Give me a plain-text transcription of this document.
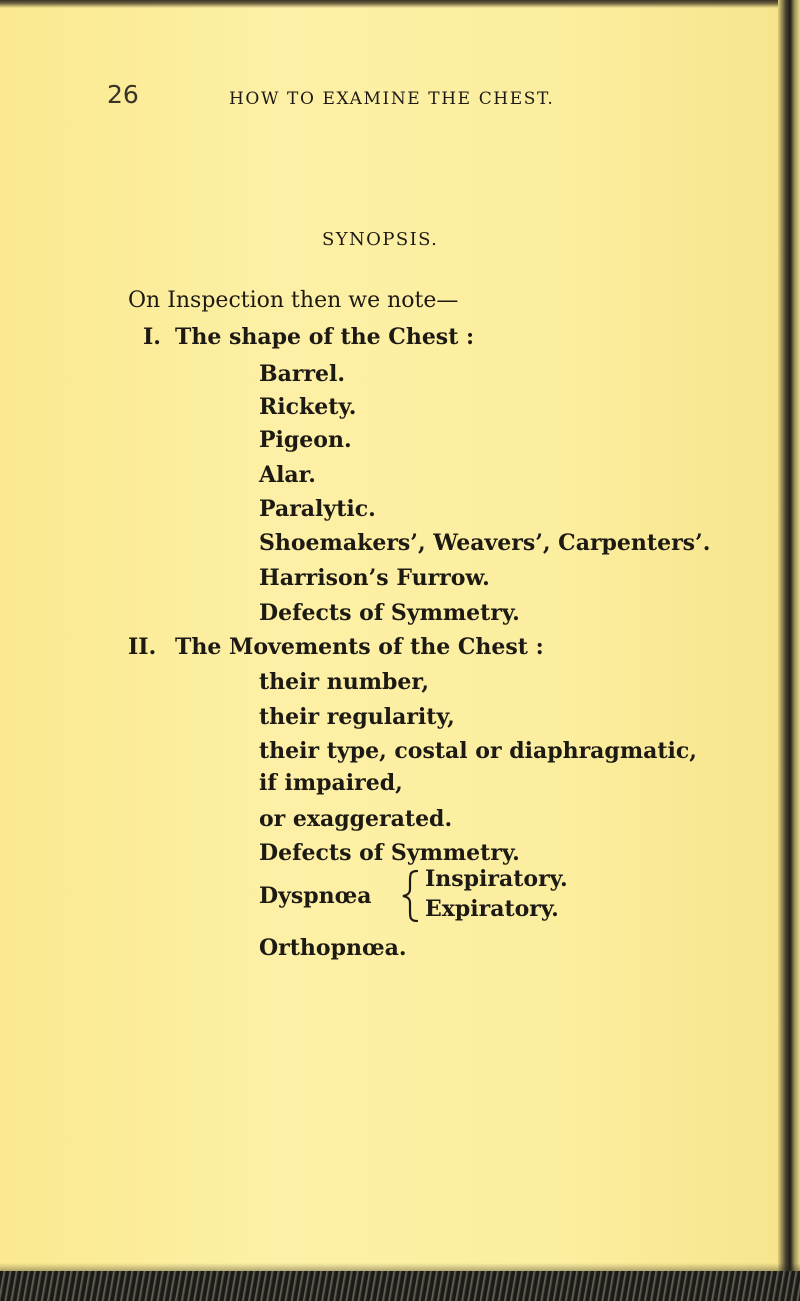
26	HOW TO EXAMINE THE CHEST.
SYNOPSIS.
On Inspection then we note—
I. The shape of the Chest :
Barrel.
Rickety.
Pigeon.
Alar.
Paralytic.
Shoemakers’, Weavers’, Carpenters’.
Harrison’s Furrow.
Defects of Symmetry.
II. The Movements of the Chest :
their number,
their regularity,
their type, costal or diaphragmatic,
if impaired,
or exaggerated.
Defects of Symmetry.
Dyspnœa
Inspiratory.
Expiratory.
Orthopnœa.
